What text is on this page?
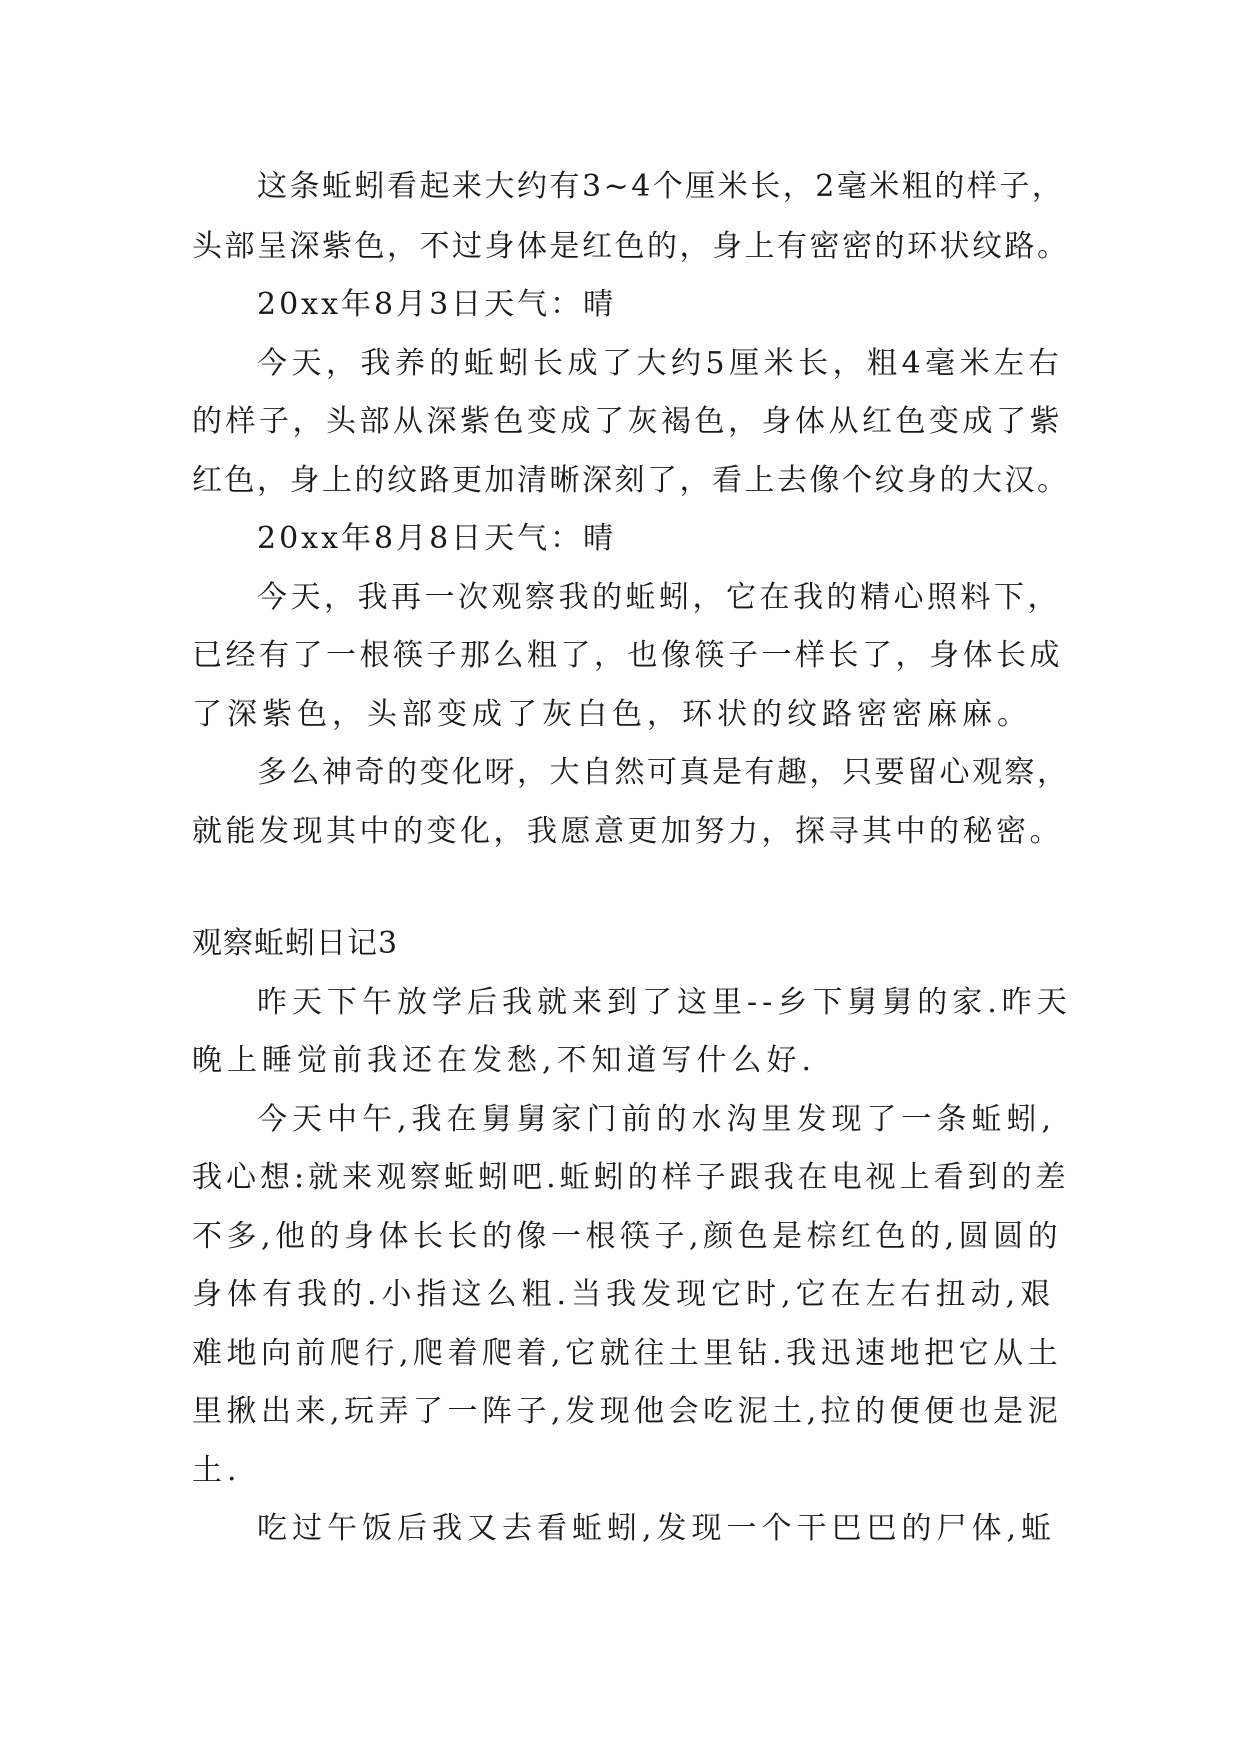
这条蚯蚓看起来大约有3~4个厘米长，2毫米粗的样子，

头部呈深紫色，不过身体是红色的，身上有密密的环状纹路。

20xx年8月3日天气：晴

今天，我养的蚯蚓长成了大约5厘米长，粗4毫米左右

的样子，头部从深紫色变成了灰褐色，身体从红色变成了紫

红色，身上的纹路更加清晰深刻了，看上去像个纹身的大汉。

20xx年8月8日天气：晴

今天，我再一次观察我的蚯蚓，它在我的精心照料下，

已经有了一根筷子那么粗了，也像筷子一样长了，身体长成

了深紫色，头部变成了灰白色，环状的纹路密密麻麻。

多么神奇的变化呀，大自然可真是有趣，只要留心观察，

就能发现其中的变化，我愿意更加努力，探寻其中的秘密。

观察蚯蚓日记3

昨天下午放学后我就来到了这里--乡下舅舅的家.昨天

晚上睡觉前我还在发愁,不知道写什么好.

今天中午,我在舅舅家门前的水沟里发现了一条蚯蚓,

我心想:就来观察蚯蚓吧.蚯蚓的样子跟我在电视上看到的差

不多,他的身体长长的像一根筷子,颜色是棕红色的,圆圆的

身体有我的.小指这么粗.当我发现它时,它在左右扭动,艰

难地向前爬行,爬着爬着,它就往土里钻.我迅速地把它从土

里揪出来,玩弄了一阵子,发现他会吃泥土,拉的便便也是泥

土.

吃过午饭后我又去看蚯蚓,发现一个干巴巴的尸体,蚯
